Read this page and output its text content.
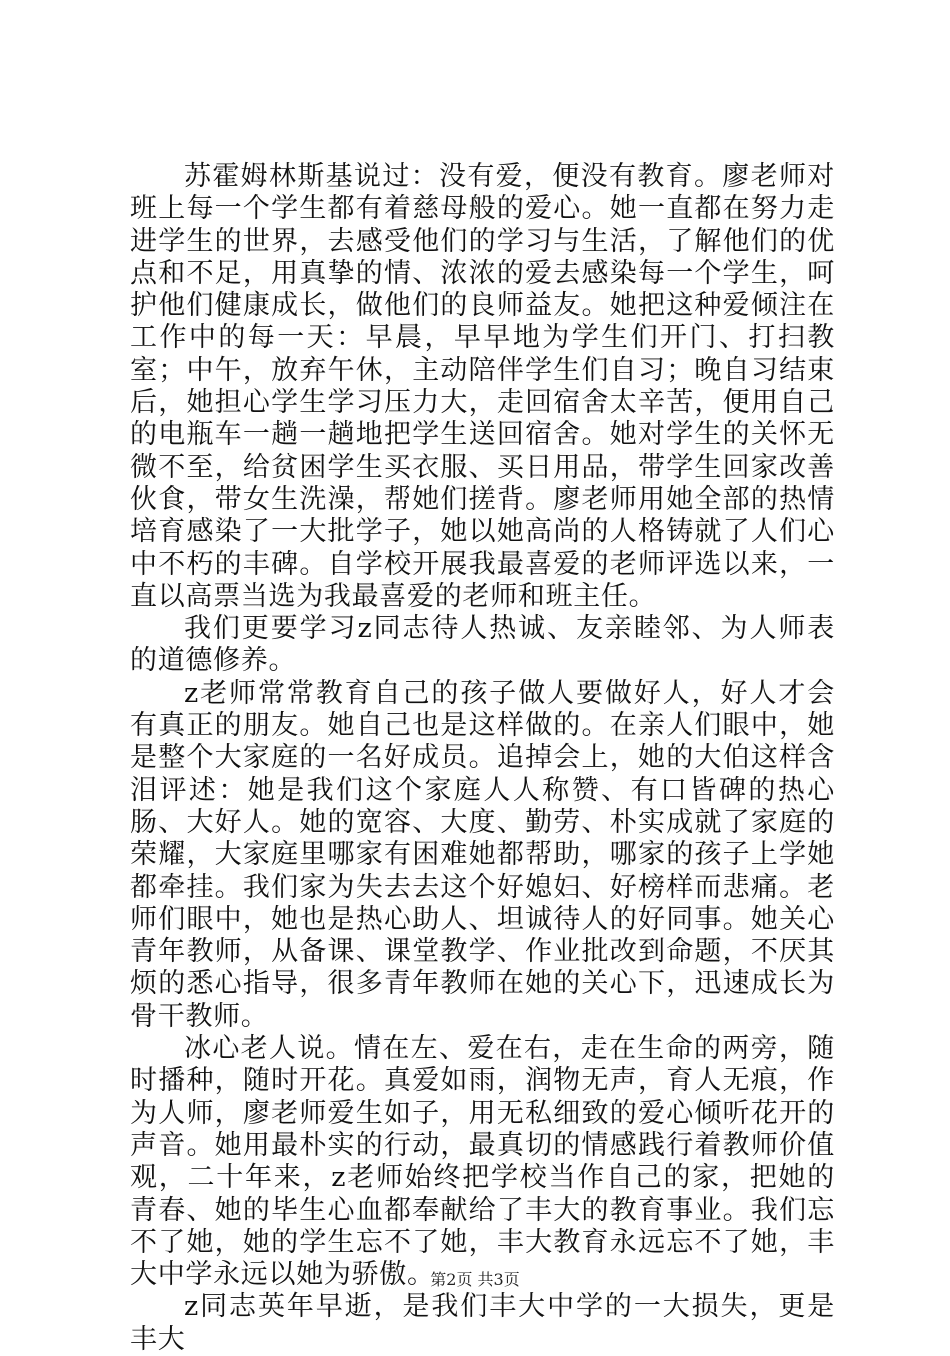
苏霍姆林斯基说过：没有爱，便没有教育。廖老师对班上每一个学生都有着慈母般的爱心。她一直都在努力走进学生的世界，去感受他们的学习与生活，了解他们的优点和不足，用真挚的情、浓浓的爱去感染每一个学生，呵护他们健康成长，做他们的良师益友。她把这种爱倾注在工作中的每一天：早晨，早早地为学生们开门、打扫教室；中午，放弃午休，主动陪伴学生们自习；晚自习结束后，她担心学生学习压力大，走回宿舍太辛苦，便用自己的电瓶车一趟一趟地把学生送回宿舍。她对学生的关怀无微不至，给贫困学生买衣服、买日用品，带学生回家改善伙食，带女生洗澡，帮她们搓背。廖老师用她全部的热情培育感染了一大批学子，她以她高尚的人格铸就了人们心中不朽的丰碑。自学校开展我最喜爱的老师评选以来，一直以高票当选为我最喜爱的老师和班主任。

我们更要学习z同志待人热诚、友亲睦邻、为人师表的道德修养。

z老师常常教育自己的孩子做人要做好人，好人才会有真正的朋友。她自己也是这样做的。在亲人们眼中，她是整个大家庭的一名好成员。追掉会上，她的大伯这样含泪评述：她是我们这个家庭人人称赞、有口皆碑的热心肠、大好人。她的宽容、大度、勤劳、朴实成就了家庭的荣耀，大家庭里哪家有困难她都帮助，哪家的孩子上学她都牵挂。我们家为失去去这个好媳妇、好榜样而悲痛。老师们眼中，她也是热心助人、坦诚待人的好同事。她关心青年教师，从备课、课堂教学、作业批改到命题，不厌其烦的悉心指导，很多青年教师在她的关心下，迅速成长为骨干教师。

冰心老人说。情在左、爱在右，走在生命的两旁，随时播种，随时开花。真爱如雨，润物无声，育人无痕，作为人师，廖老师爱生如子，用无私细致的爱心倾听花开的声音。她用最朴实的行动，最真切的情感践行着教师价值观，二十年来，z老师始终把学校当作自己的家，把她的青春、她的毕生心血都奉献给了丰大的教育事业。我们忘不了她，她的学生忘不了她，丰大教育永远忘不了她，丰大中学永远以她为骄傲。

z同志英年早逝，是我们丰大中学的一大损失，更是丰大

第2页 共3页
